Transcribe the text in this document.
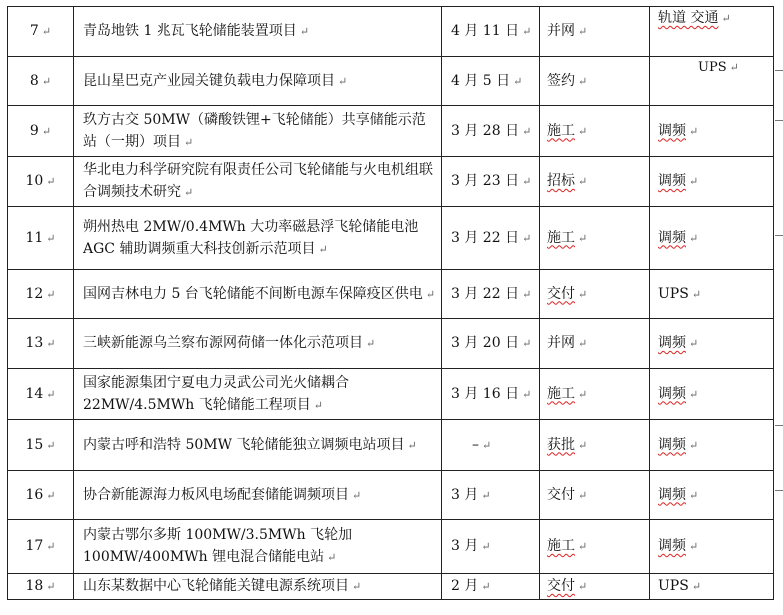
7 ↵	青岛地铁 1 兆瓦飞轮储能装置项目 ↵	4 月 11 日 ↵	并网 ↵	轨道 交通 ↵
8 ↵	昆山星巴克产业园关键负载电力保障项目 ↵	4 月 5 日 ↵	签约 ↵	UPS ↵
9 ↵	玖方古交 50MW（磷酸铁锂+飞轮储能）共享储能示范站（一期）项目 ↵	3 月 28 日 ↵	施工 ↵	调频 ↵
10 ↵	华北电力科学研究院有限责任公司飞轮储能与火电机组联合调频技术研究 ↵	3 月 23 日 ↵	招标 ↵	调频 ↵
11 ↵	朔州热电 2MW/0.4MWh 大功率磁悬浮飞轮储能电池 AGC 辅助调频重大科技创新示范项目 ↵	3 月 22 日 ↵	施工 ↵	调频 ↵
12 ↵	国网吉林电力 5 台飞轮储能不间断电源车保障疫区供电 ↵	3 月 22 日 ↵	交付 ↵	UPS ↵
13 ↵	三峡新能源乌兰察布源网荷储一体化示范项目 ↵	3 月 20 日 ↵	并网 ↵	调频 ↵
14 ↵	国家能源集团宁夏电力灵武公司光火储耦合 22MW/4.5MWh 飞轮储能工程项目 ↵	3 月 16 日 ↵	施工 ↵	调频 ↵
15 ↵	内蒙古呼和浩特 50MW 飞轮储能独立调频电站项目 ↵	– ↵	获批 ↵	调频 ↵
16 ↵	协合新能源海力板风电场配套储能调频项目 ↵	3 月 ↵	交付 ↵	调频 ↵
17 ↵	内蒙古鄂尔多斯 100MW/3.5MWh 飞轮加 100MW/400MWh 锂电混合储能电站 ↵	3 月 ↵	施工 ↵	调频 ↵
18 ↵	山东某数据中心飞轮储能关键电源系统项目 ↵	2 月 ↵	交付 ↵	UPS ↵
